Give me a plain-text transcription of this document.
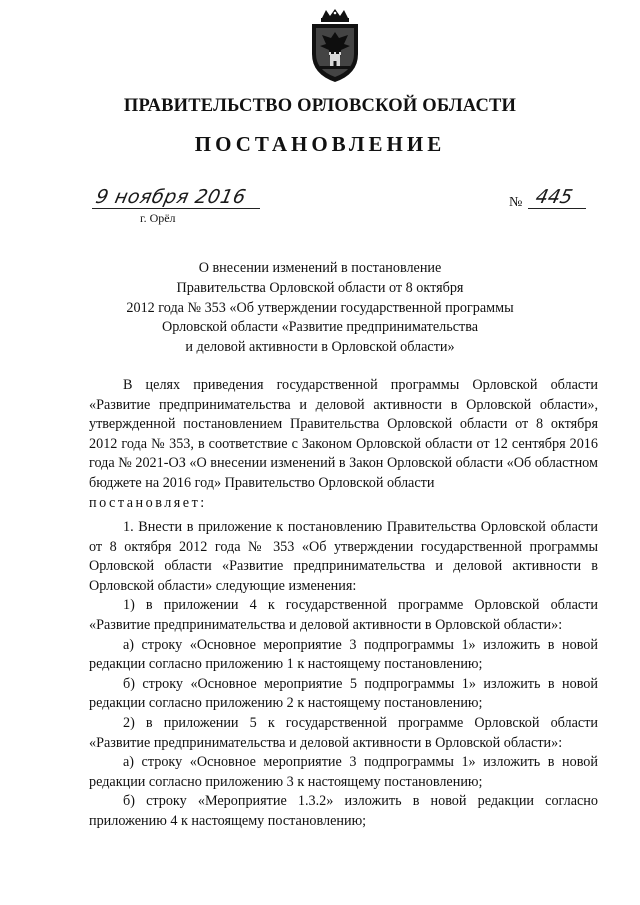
ПРАВИТЕЛЬСТВО ОРЛОВСКОЙ ОБЛАСТИ
ПОСТАНОВЛЕНИЕ
9 ноября 2016
г. Орёл
№ 445
О внесении изменений в постановление
Правительства Орловской области от 8 октября
2012 года № 353 «Об утверждении государственной программы
Орловской области «Развитие предпринимательства
и деловой активности в Орловской области»
В целях приведения государственной программы Орловской области «Развитие предпринимательства и деловой активности в Орловской области», утвержденной постановлением Правительства Орловской области от 8 октября 2012 года № 353, в соответствие с Законом Орловской области от 12 сентября 2016 года № 2021-ОЗ «О внесении изменений в Закон Орловской области «Об областном бюджете на 2016 год» Правительство Орловской области
постановляет:
1. Внести в приложение к постановлению Правительства Орловской области от 8 октября 2012 года № 353 «Об утверждении государственной программы Орловской области «Развитие предпринимательства и деловой активности в Орловской области» следующие изменения:
1) в приложении 4 к государственной программе Орловской области «Развитие предпринимательства и деловой активности в Орловской области»:
а) строку «Основное мероприятие 3 подпрограммы 1» изложить в новой редакции согласно приложению 1 к настоящему постановлению;
б) строку «Основное мероприятие 5 подпрограммы 1» изложить в новой редакции согласно приложению 2 к настоящему постановлению;
2) в приложении 5 к государственной программе Орловской области «Развитие предпринимательства и деловой активности в Орловской области»:
а) строку «Основное мероприятие 3 подпрограммы 1» изложить в новой редакции согласно приложению 3 к настоящему постановлению;
б) строку «Мероприятие 1.3.2» изложить в новой редакции согласно приложению 4 к настоящему постановлению;
